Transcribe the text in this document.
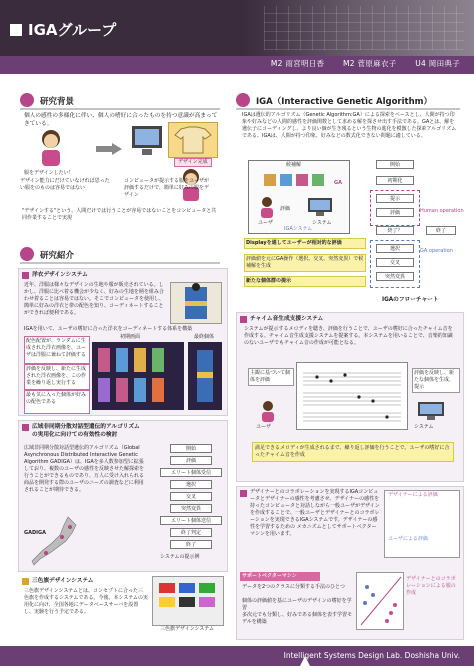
IGAグループ
M2 雨宮明日香 M2 菅原麻衣子 U4 岡田典子
研究背景
個人の感性の多様化に伴い、個人の嗜好に合ったものを持つ意識が高まってきている。
服をデザインしたい！
デザイン完成
デザイン能力にだけていなければ思ったい服をのものは容易ではない
コンピュータが提示する服をユーザが評価するだけで、簡単に好みの服をデザイン
"デザインする"という、人間だけでは行うことが容易ではないことをコンピュータと共同作業することで実現
研究紹介
洋衣デザインシステム
近年、洋服は様々なデザインの生地や服が販売されている。しかし、洋服に比べ着る機会が少なく、好みの生地を柄を組み合わせ着ることは容易ではない。そこでコンピュータを使用し、簡単に好みの洋衣と帯の配色を知り、コーディネートすることができれば便利である。
IGAを用いて、ユーザの嗜好に合った洋衣をコーディネートする体系を構築
配色配置が、ランダムに生成された洋衣画像を、ユーザは洋服に兼ねて評価する
評価を反映し、新たに生成された洋衣画像を、この作業を繰り返し実行する
最も気に入った個体が好みの配色である
初期画面	最終個体
広域非同期分散対話型遺伝的アルゴリズムの実用化に向けての有効性の検討
広域非同期分散対話型遺伝的アルゴリズム（Global Asynchronous Distributed Interactive Genetic Algorithm GADIGA）は、IGAを多人数参加型に拡張しており、複数のユーザの感性を反映させた解探索を行うことができるものであり、万人に受け入れられる商品を開発する際のユーザのニーズの調査などに利用されることが期待できる。
GADIGA
開始
評価
エリート個体受信
選択
交叉
突然変異
エリート個体送信
終了判定
終了
システムの提示例
三色旗デザインシステム
三色旗デザインシステムとは、コンセプトに合った三色旗を作成するシステムである。今後、本システムの実用化に向け、全国各地にデータベースサーバを設置し、実験を行う予定である。
三色旗デザインシステム
IGA（Interactive Genetic Algorithm）
IGAは遺伝的アルゴリズム（Genetic Algorithm:GA）による探索をベースとし、人間が持つ印象や好みなどの人間的感性を評価関数として求める解を探させ出す手法である。GAとは、解を遺伝子にコーディングし、より良い個が生き残るという生物の進化を模倣した探索アルゴリズムである。IGAは、人間が持つ印象、好みなどの数式化できない問題に適している。
候補解
GA
評価
ユーザ	システム
IGAシステム
Displayを通してユーザーが相対的な評価
評価値を元にGA操作（選択、交叉、突然変異）で候補解を生成
新たな個体群の提示
開始
初期化
提示
評価	Human operation
終了？	終了
選択
交叉
突然変異
GA operation
IGAのフローチャート
チャイム音生成支援システム
システムが提示するメロディを聴き、評価を行うことで、ユーザの嗜好に合ったチャイム音を作成する。チャイム音生成支援システムを提案する。本システムを用いることで、音楽的知識のないユーザでもチャイム音の作成が可能となる。
主観に基づいて個体を評価
評価を反映し、新たな個体を生成、提示
ユーザ	システム
満足できるメロディが生成されるまで、繰り返し評価を行うことで、ユーザの嗜好に合ったチャイム音を作成
デザイナーとのコラボレーションを実現するIGAコンピュータとデザイナーの感性を考慮させ、デザイナーの感性を持ったコンピュータと対話しながら一般ユーザがデザインを作成することで、一般ユーザとデザイナーとのコラボレーションを実現できるIGAシステムです。デザイナーの感性を学習するための メカニズムとしてサポートベクターマシンを用います。
デザイナーによる評価
ユーザによる評価
サポートベクターマシン
データを2つのクラスに分類する手法のひとつ
個体の評価値を基にユーザのデザインの嗜好を学習
多次元でも分類し、好みである個体を表す学習モデルを構築
デザイナーとのコラボレーションによる服の作成
Intelligent Systems Design Lab. Doshisha Univ.
